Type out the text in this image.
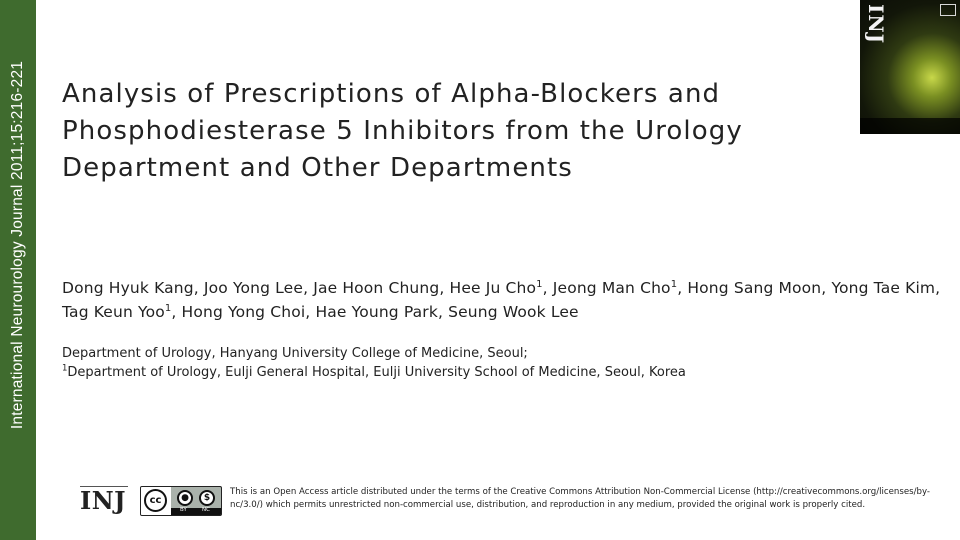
International Neurourology Journal 2011;15:216-221
INJ
Analysis of Prescriptions of Alpha-Blockers and Phosphodiesterase 5 Inhibitors from the Urology Department and Other Departments
Dong Hyuk Kang, Joo Yong Lee, Jae Hoon Chung, Hee Ju Cho$^1$, Jeong Man Cho$^1$, Hong Sang Moon, Yong Tae Kim, Tag Keun Yoo$^1$, Hong Yong Choi, Hae Young Park, Seung Wook Lee
Department of Urology, Hanyang University College of Medicine, Seoul;
$^1$Department of Urology, Eulji General Hospital, Eulji University School of Medicine, Seoul, Korea
INJ	cc	●	$
BY	NC
This is an Open Access article distributed under the terms of the Creative Commons Attribution Non-Commercial License (http://creativecommons.org/licenses/by-nc/3.0/) which permits unrestricted non-commercial use, distribution, and reproduction in any medium, provided the original work is properly cited.
